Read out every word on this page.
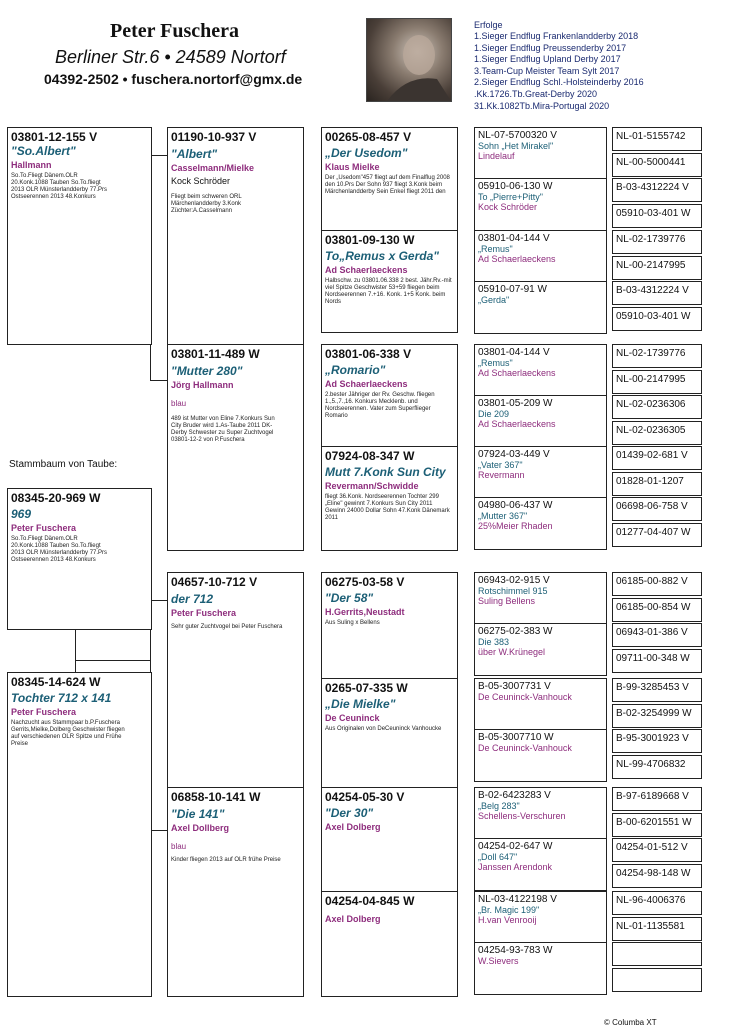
Peter Fuschera
Berliner Str.6 • 24589 Nortorf
04392-2502 • fuschera.nortorf@gmx.de
Erfolge
1.Sieger Endflug Frankenlandderby 2018
1.Sieger Endflug Preussenderby 2017
1.Sieger Endflug Upland Derby 2017
3.Team-Cup Meister Team Sylt 2017
2.Sieger Endflug Schl.-Holsteinderby 2016
.Kk.1726.Tb.Great-Derby 2020
31.Kk.1082Tb.Mira-Portugal 2020
Stammbaum von Taube:
03801-12-155 V
"So.Albert"
Hallmann
So.To.Fliegt Dänem.OLR 20.Konk.1088 Tauben So.To.fliegt 2013 OLR Münsterlandderby 77.Prs Ostseerennen 2013 48.Konkurs
08345-20-969 W
969
Peter Fuschera
So.To.Fliegt Dänem.OLR 20.Konk.1088 Tauben So.To.fliegt 2013 OLR Münsterlandderby 77.Prs Ostseerennen 2013 48.Konkurs
08345-14-624 W
Tochter 712 x 141
Peter Fuschera
Nachzucht aus Stammpaar b.P.Fuschera Gerrits,Mielke,Dolberg Geschwister fliegen auf verschiedenen OLR Spitze und Frühe Preise
01190-10-937 V
"Albert"
Casselmann/Mielke
Kock Schröder
Fliegt beim schweren ORL Märchenlandderby 3.Konk Züchter:A.Casselmann
03801-11-489 W
"Mutter 280"
Jörg Hallmann
blau
489 ist Mutter von Eline 7.Konkurs Sun City Bruder wird 1.As-Taube 2011 DK-Derby Schwester zu Super Zuchtvogel 03801-12-2 von P.Fuschera
04657-10-712 V
der 712
Peter Fuschera
Sehr guter Zuchtvogel bei Peter Fuschera
06858-10-141 W
"Die 141"
Axel Dollberg
blau
Kinder fliegen 2013 auf OLR frühe Preise
00265-08-457 V
„Der Usedom"
Klaus Mielke
Der „Usedom"457 fliegt auf dem Finalflug 2008 den 10.Prs Der Sohn 937 fliegt 3.Konk beim Märchenlandderby Sein Enkel fliegt 2011 den
03801-09-130 W
To„Remus x Gerda"
Ad Schaerlaeckens
Halbschw. zu 03801.06.338 2 best. Jähr.Rv.-mit viel Spitze Geschwister 53+59 fliegen beim Nordseerennen 7.+16. Konk. 1+5 Konk. beim Nords
03801-06-338 V
„Romario"
Ad Schaerlaeckens
2.bester Jähriger der Rv. Geschw. fliegen 1.,5.,7.,16. Konkurs Mecklenb. und Nordseerennen. Vater zum Superflieger Romario
07924-08-347 W
Mutt 7.Konk Sun City
Revermann/Schwidde
fliegt 36.Konk. Nordseerennen Tochter 299 „Eline" gewinnt 7.Konkurs Sun City 2011 Gewinn 24000 Dollar Sohn 47.Konk Dänemark 2011
06275-03-58 V
"Der 58"
H.Gerrits,Neustadt
Aus Suling x Bellens
0265-07-335 W
„Die Mielke"
De Ceuninck
Aus Originalen von DeCeuninck Vanhoucke
04254-05-30 V
"Der 30"
Axel Dolberg
04254-04-845 W
Axel Dolberg
NL-07-5700320 V
Sohn „Het Mirakel"
Lindelauf
05910-06-130 W
To „Pierre+Pitty"
Kock Schröder
03801-04-144 V
„Remus"
Ad Schaerlaeckens
05910-07-91 W
„Gerda"
03801-04-144 V
„Remus"
Ad Schaerlaeckens
03801-05-209 W
Die 209
Ad Schaerlaeckens
07924-03-449 V
„Vater 367"
Revermann
04980-06-437 W
„Mutter 367"
25%Meier Rhaden
06943-02-915 V
Rotschimmel 915
Suling Bellens
06275-02-383 W
Die 383
über W.Krünegel
B-05-3007731 V
De Ceuninck-Vanhouck
B-05-3007710 W
De Ceuninck-Vanhouck
B-02-6423283 V
„Belg 283"
Schellens-Verschuren
04254-02-647 W
„Doll 647"
Janssen Arendonk
NL-03-4122198 V
„Br. Magic 199"
H.van Venrooij
04254-93-783 W
W.Sievers
NL-01-5155742
NL-00-5000441
B-03-4312224 V
05910-03-401 W
NL-02-1739776
NL-00-2147995
B-03-4312224 V
05910-03-401 W
NL-02-1739776
NL-00-2147995
NL-02-0236306
NL-02-0236305
01439-02-681 V
01828-01-1207
06698-06-758 V
01277-04-407 W
06185-00-882 V
06185-00-854 W
06943-01-386 V
09711-00-348 W
B-99-3285453 V
B-02-3254999 W
B-95-3001923 V
NL-99-4706832
B-97-6189668 V
B-00-6201551 W
04254-01-512 V
04254-98-148 W
NL-96-4006376
NL-01-1135581
© Columba XT
